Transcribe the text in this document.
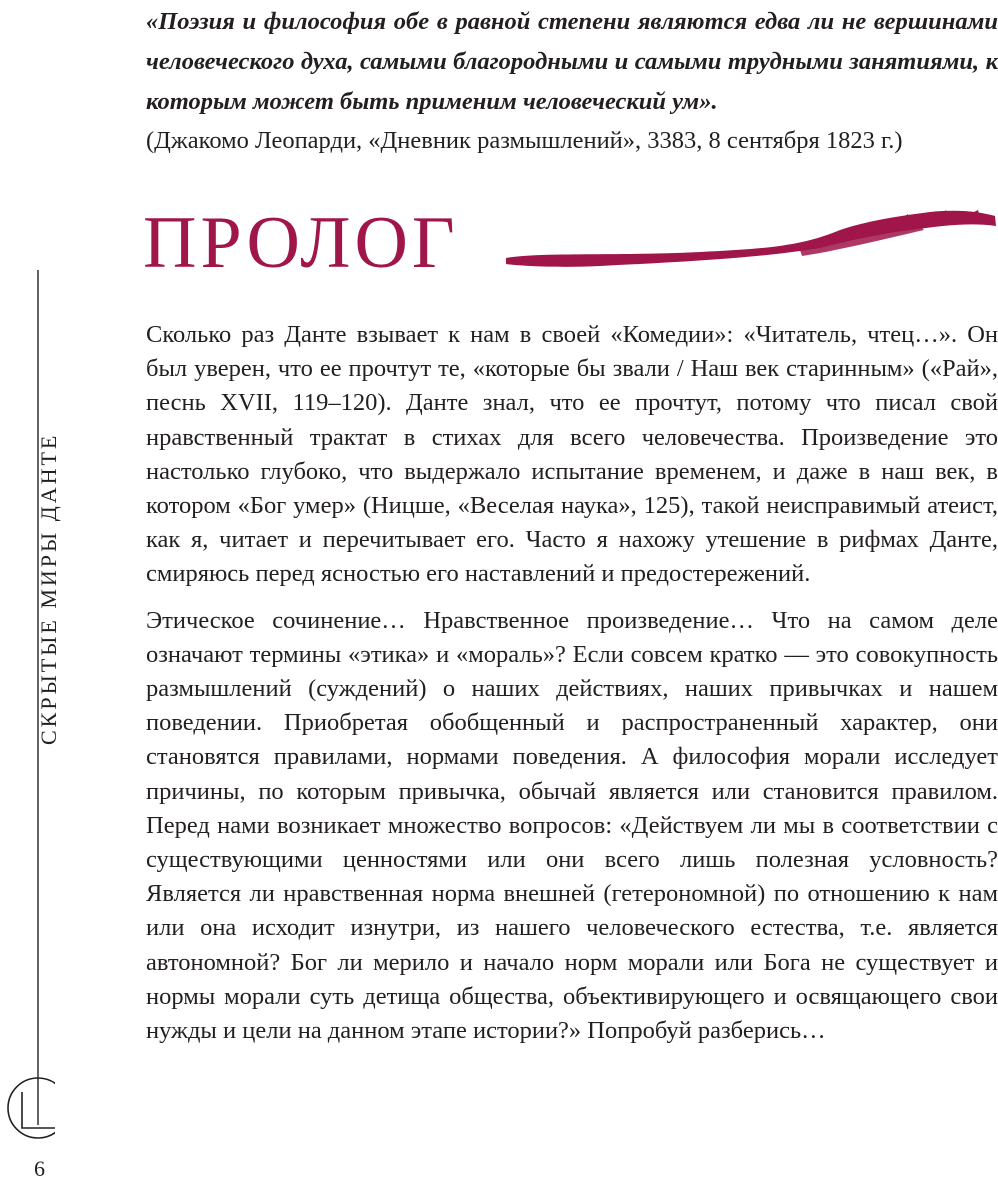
«Поэзия и философия обе в равной степени являются едва ли не вершинами человеческого духа, самыми благородными и самыми трудными занятиями, к которым может быть применим человеческий ум».

(Джакомо Леопарди, «Дневник размышлений», 3383, 8 сентября 1823 г.)

ПРОЛОГ
СКРЫТЫЕ МИРЫ ДАНТЕ
6

Сколько раз Данте взывает к нам в своей «Комедии»: «Читатель, чтец…». Он был уверен, что ее прочтут те, «которые бы звали / Наш век старинным» («Рай», песнь XVII, 119–120). Данте знал, что ее прочтут, потому что писал свой нравственный трактат в стихах для всего человечества. Произведение это настолько глубоко, что выдержало испытание временем, и даже в наш век, в котором «Бог умер» (Ницше, «Веселая наука», 125), такой неисправимый атеист, как я, читает и перечитывает его. Часто я нахожу утешение в рифмах Данте, смиряюсь перед ясностью его наставлений и предостережений.

Этическое сочинение… Нравственное произведение… Что на самом деле означают термины «этика» и «мораль»? Если совсем кратко — это совокупность размышлений (суждений) о наших действиях, наших привычках и нашем поведении. Приобретая обобщенный и распространенный характер, они становятся правилами, нормами поведения. А философия морали исследует причины, по которым привычка, обычай является или становится правилом. Перед нами возникает множество вопросов: «Действуем ли мы в соответствии с существующими ценностями или они всего лишь полезная условность? Является ли нравственная норма внешней (гетерономной) по отношению к нам или она исходит изнутри, из нашего человеческого естества, т.е. является автономной? Бог ли мерило и начало норм морали или Бога не существует и нормы морали суть детища общества, объективирующего и освящающего свои нужды и цели на данном этапе истории?» Попробуй разберись…
